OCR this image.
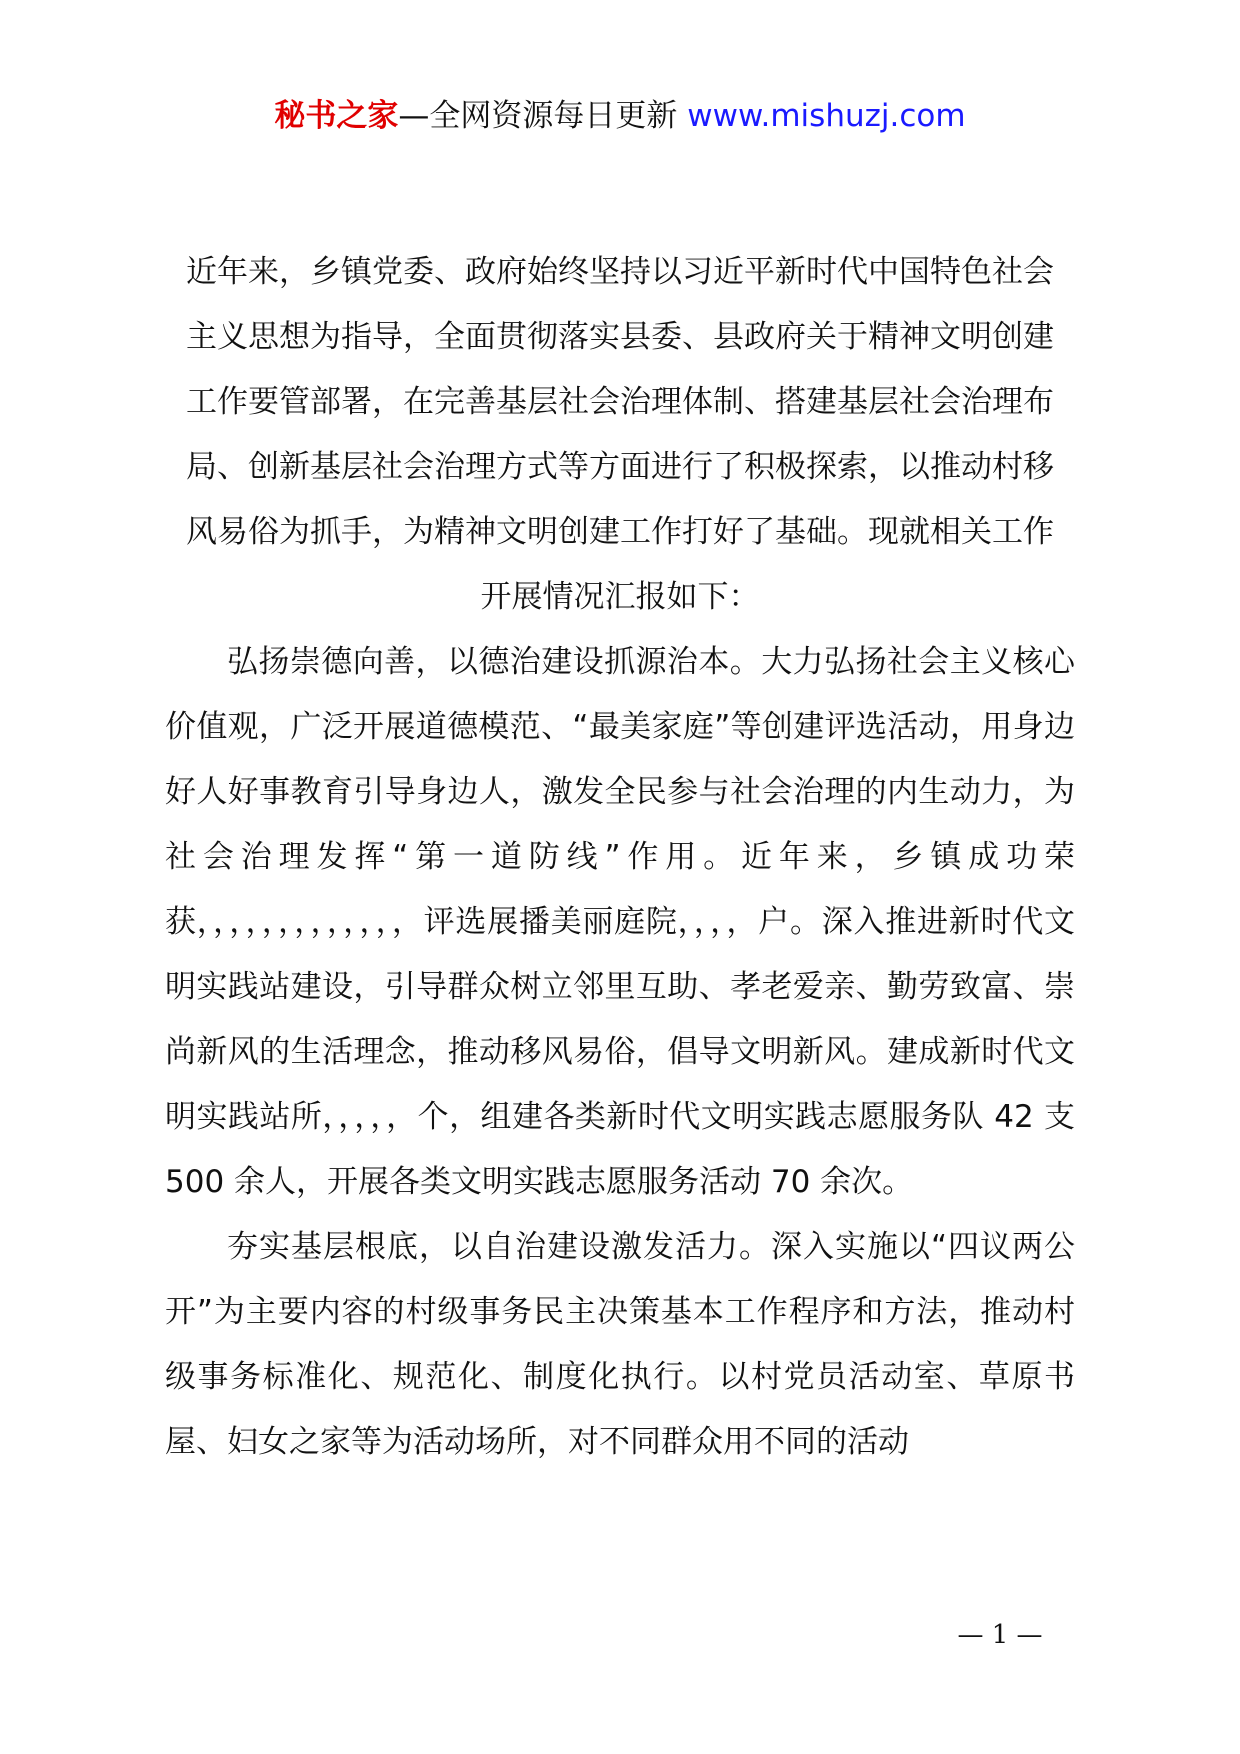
秘书之家—全网资源每日更新 www.mishuzj.com

近年来，乡镇党委、政府始终坚持以习近平新时代中国特色社会主义思想为指导，全面贯彻落实县委、县政府关于精神文明创建工作要管部署，在完善基层社会治理体制、搭建基层社会治理布局、创新基层社会治理方式等方面进行了积极探索，以推动村移风易俗为抓手，为精神文明创建工作打好了基础。现就相关工作开展情况汇报如下：

弘扬崇德向善，以德治建设抓源治本。大力弘扬社会主义核心价值观，广泛开展道德模范、“最美家庭”等创建评选活动，用身边好人好事教育引导身边人，激发全民参与社会治理的内生动力，为社会治理发挥“第一道防线”作用。近年来，乡镇成功荣获，，，，，，，，，，，，，评选展播美丽庭院，，，，户。深入推进新时代文明实践站建设，引导群众树立邻里互助、孝老爱亲、勤劳致富、崇尚新风的生活理念，推动移风易俗，倡导文明新风。建成新时代文明实践站所，，，，，个，组建各类新时代文明实践志愿服务队 42 支 500 余人，开展各类文明实践志愿服务活动 70 余次。

夯实基层根底，以自治建设激发活力。深入实施以“四议两公开”为主要内容的村级事务民主决策基本工作程序和方法，推动村级事务标准化、规范化、制度化执行。以村党员活动室、草原书屋、妇女之家等为活动场所，对不同群众用不同的活动

— 1 —
